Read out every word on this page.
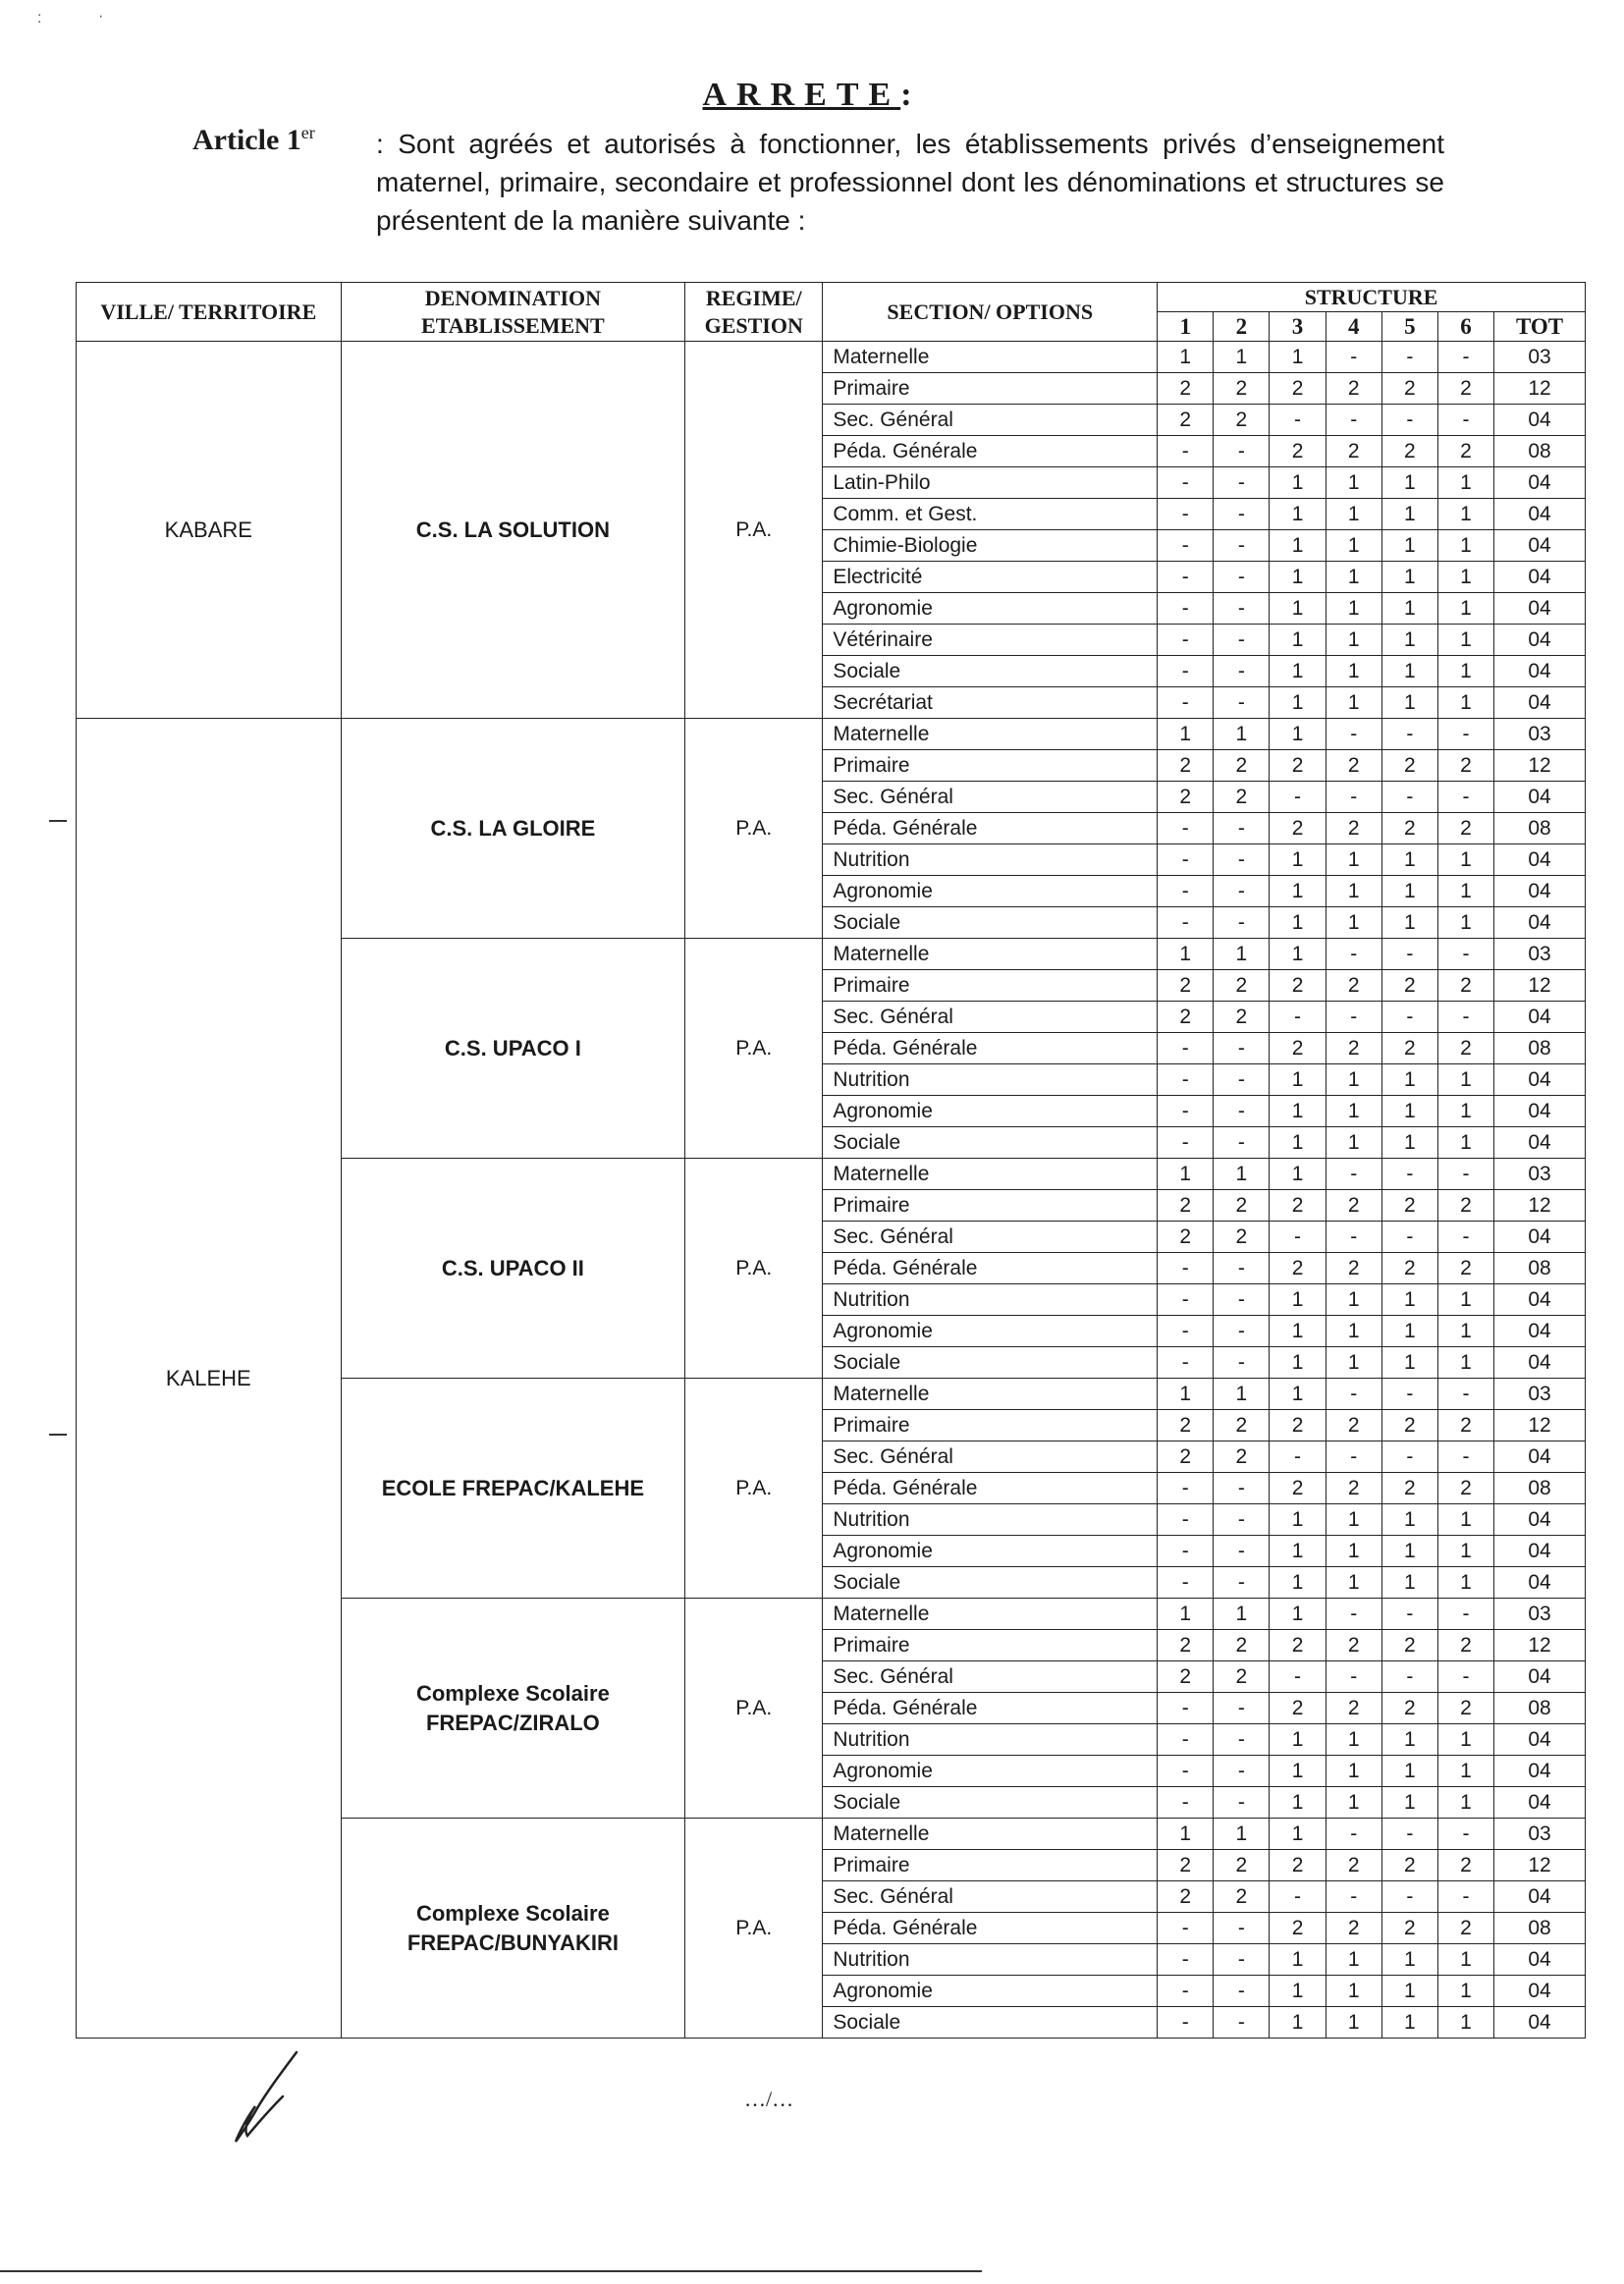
:	·
ARRETE:
Article 1er : Sont agréés et autorisés à fonctionner, les établissements privés d’enseignement maternel, primaire, secondaire et professionnel dont les dénominations et structures se présentent de la manière suivante :
VILLE/ TERRITOIRE	DENOMINATION ETABLISSEMENT	REGIME/ GESTION	SECTION/ OPTIONS	STRUCTURE						
				1	2	3	4	5	6	TOT
KABARE	C.S. LA SOLUTION	P.A.	Maternelle	1	1	1	-	-	-	03
			Primaire	2	2	2	2	2	2	12
			Sec. Général	2	2	-	-	-	-	04
			Péda. Générale	-	-	2	2	2	2	08
			Latin-Philo	-	-	1	1	1	1	04
			Comm. et Gest.	-	-	1	1	1	1	04
			Chimie-Biologie	-	-	1	1	1	1	04
			Electricité	-	-	1	1	1	1	04
			Agronomie	-	-	1	1	1	1	04
			Vétérinaire	-	-	1	1	1	1	04
			Sociale	-	-	1	1	1	1	04
			Secrétariat	-	-	1	1	1	1	04
KALEHE	C.S. LA GLOIRE	P.A.	Maternelle	1	1	1	-	-	-	03
			Primaire	2	2	2	2	2	2	12
			Sec. Général	2	2	-	-	-	-	04
			Péda. Générale	-	-	2	2	2	2	08
			Nutrition	-	-	1	1	1	1	04
			Agronomie	-	-	1	1	1	1	04
			Sociale	-	-	1	1	1	1	04
	C.S. UPACO I	P.A.	Maternelle	1	1	1	-	-	-	03
			Primaire	2	2	2	2	2	2	12
			Sec. Général	2	2	-	-	-	-	04
			Péda. Générale	-	-	2	2	2	2	08
			Nutrition	-	-	1	1	1	1	04
			Agronomie	-	-	1	1	1	1	04
			Sociale	-	-	1	1	1	1	04
	C.S. UPACO II	P.A.	Maternelle	1	1	1	-	-	-	03
			Primaire	2	2	2	2	2	2	12
			Sec. Général	2	2	-	-	-	-	04
			Péda. Générale	-	-	2	2	2	2	08
			Nutrition	-	-	1	1	1	1	04
			Agronomie	-	-	1	1	1	1	04
			Sociale	-	-	1	1	1	1	04
	ECOLE FREPAC/KALEHE	P.A.	Maternelle	1	1	1	-	-	-	03
			Primaire	2	2	2	2	2	2	12
			Sec. Général	2	2	-	-	-	-	04
			Péda. Générale	-	-	2	2	2	2	08
			Nutrition	-	-	1	1	1	1	04
			Agronomie	-	-	1	1	1	1	04
			Sociale	-	-	1	1	1	1	04
	Complexe Scolaire FREPAC/ZIRALO	P.A.	Maternelle	1	1	1	-	-	-	03
			Primaire	2	2	2	2	2	2	12
			Sec. Général	2	2	-	-	-	-	04
			Péda. Générale	-	-	2	2	2	2	08
			Nutrition	-	-	1	1	1	1	04
			Agronomie	-	-	1	1	1	1	04
			Sociale	-	-	1	1	1	1	04
	Complexe Scolaire FREPAC/BUNYAKIRI	P.A.	Maternelle	1	1	1	-	-	-	03
			Primaire	2	2	2	2	2	2	12
			Sec. Général	2	2	-	-	-	-	04
			Péda. Générale	-	-	2	2	2	2	08
			Nutrition	-	-	1	1	1	1	04
			Agronomie	-	-	1	1	1	1	04
			Sociale	-	-	1	1	1	1	04
…/…
